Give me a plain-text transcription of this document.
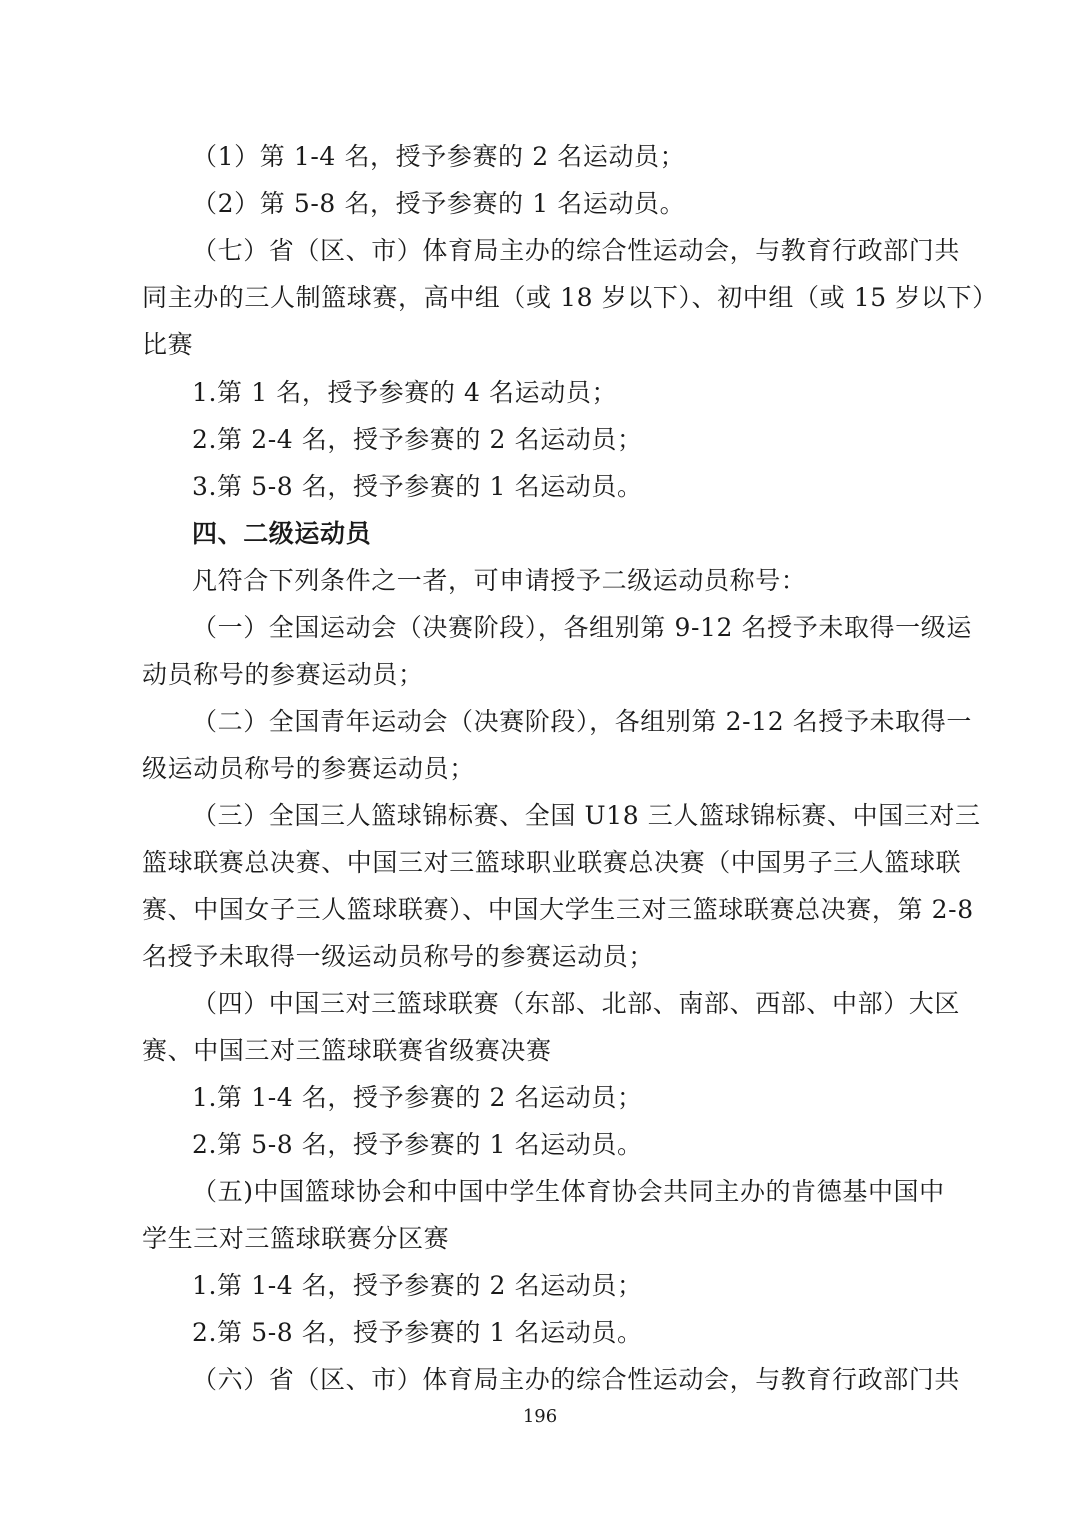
（1）第 1-4 名，授予参赛的 2 名运动员；
（2）第 5-8 名，授予参赛的 1 名运动员。
（七）省（区、市）体育局主办的综合性运动会，与教育行政部门共
同主办的三人制篮球赛，高中组（或 18 岁以下）、初中组（或 15 岁以下）
比赛
1.第 1 名，授予参赛的 4 名运动员；
2.第 2-4 名，授予参赛的 2 名运动员；
3.第 5-8 名，授予参赛的 1 名运动员。
四、二级运动员
凡符合下列条件之一者，可申请授予二级运动员称号：
（一）全国运动会（决赛阶段），各组别第 9-12 名授予未取得一级运
动员称号的参赛运动员；
（二）全国青年运动会（决赛阶段），各组别第 2-12 名授予未取得一
级运动员称号的参赛运动员；
（三）全国三人篮球锦标赛、全国 U18 三人篮球锦标赛、中国三对三
篮球联赛总决赛、中国三对三篮球职业联赛总决赛（中国男子三人篮球联
赛、中国女子三人篮球联赛）、中国大学生三对三篮球联赛总决赛，第 2-8
名授予未取得一级运动员称号的参赛运动员；
（四）中国三对三篮球联赛（东部、北部、南部、西部、中部）大区
赛、中国三对三篮球联赛省级赛决赛
1.第 1-4 名，授予参赛的 2 名运动员；
2.第 5-8 名，授予参赛的 1 名运动员。
（五)中国篮球协会和中国中学生体育协会共同主办的肯德基中国中
学生三对三篮球联赛分区赛
1.第 1-4 名，授予参赛的 2 名运动员；
2.第 5-8 名，授予参赛的 1 名运动员。
（六）省（区、市）体育局主办的综合性运动会，与教育行政部门共
196
